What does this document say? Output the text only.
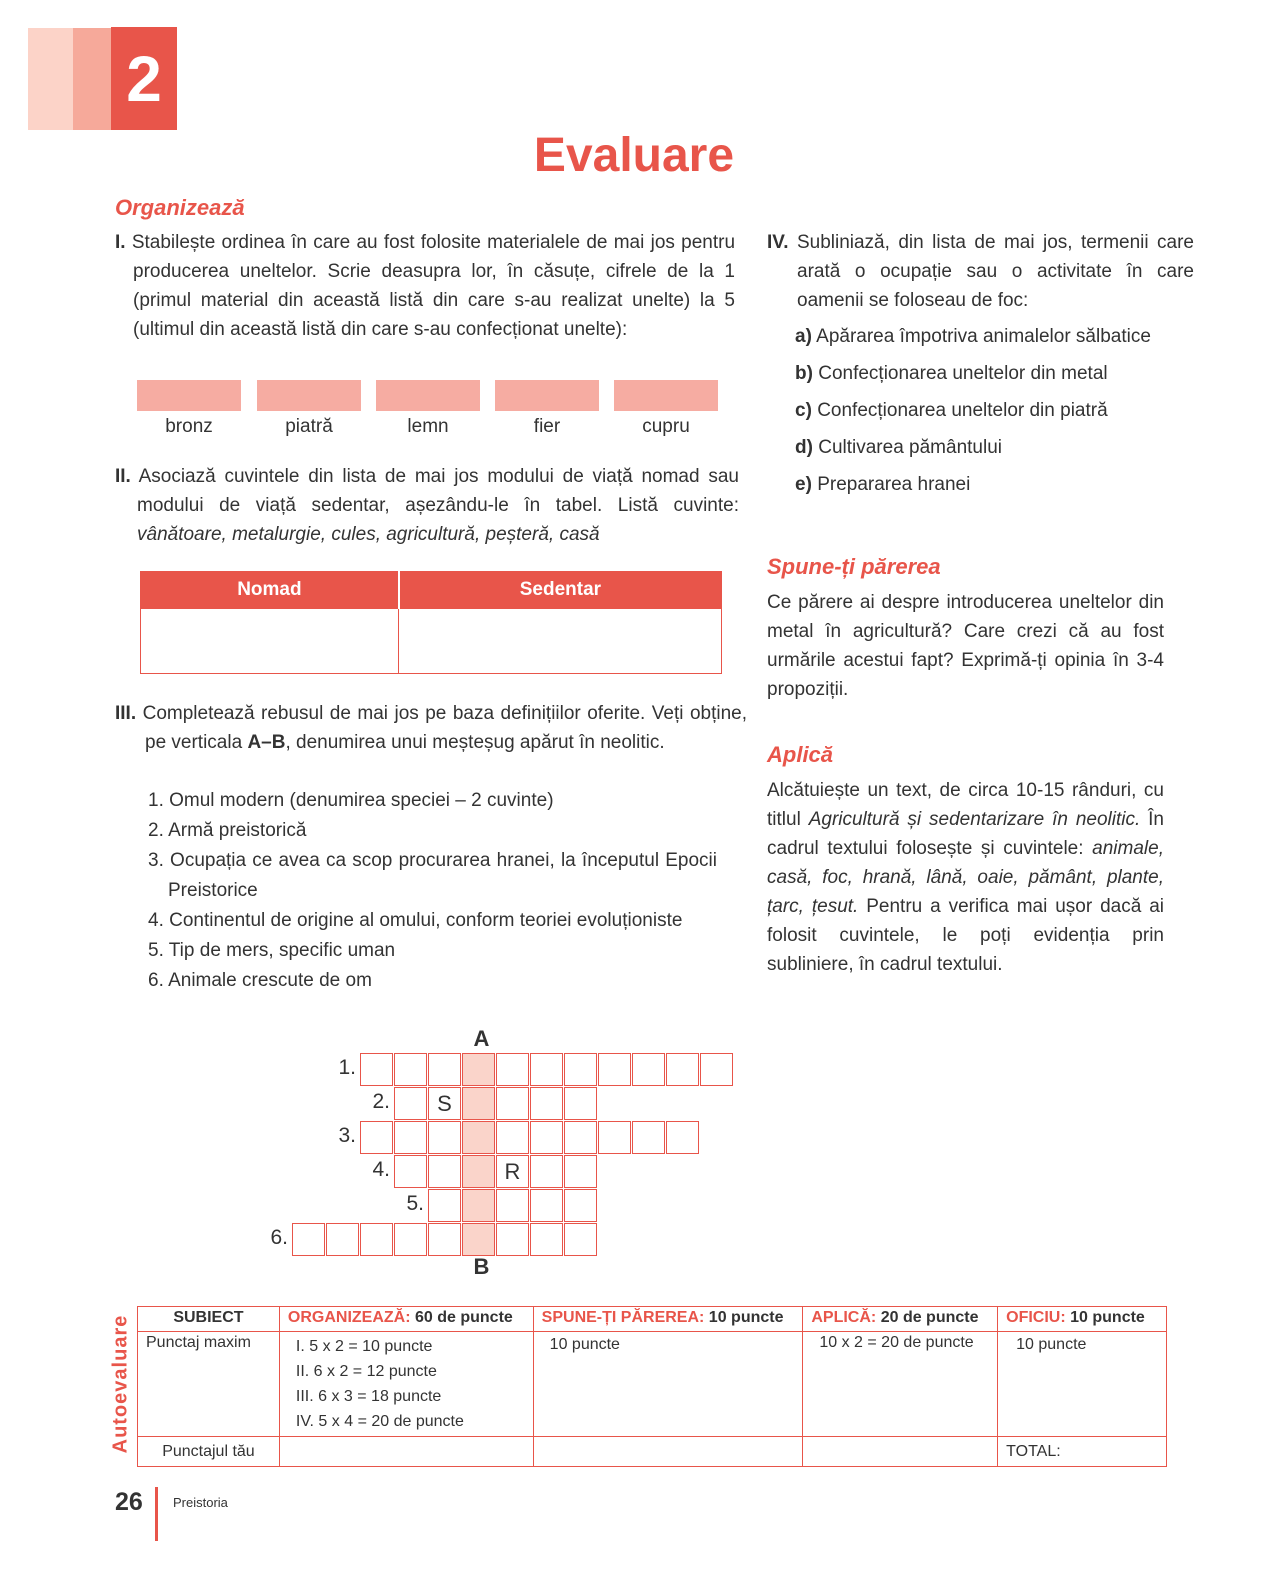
2
Evaluare
Organizează
I. Stabilește ordinea în care au fost folosite materialele de mai jos pentru producerea uneltelor. Scrie deasupra lor, în căsuțe, cifrele de la 1 (primul material din această listă din care s-au realizat unelte) la 5 (ultimul din această listă din care s-au confecționat unelte):
bronz	piatră	lemn	fier	cupru
II. Asociază cuvintele din lista de mai jos modului de viață nomad sau modului de viață sedentar, așezându-le în tabel. Listă cuvinte: vânătoare, metalurgie, cules, agricultură, peșteră, casă
Nomad	Sedentar

III. Completează rebusul de mai jos pe baza definițiilor oferite. Veți obține, pe verticala A–B, denumirea unui meșteșug apărut în neolitic.
1. Omul modern (denumirea speciei – 2 cuvinte)
2. Armă preistorică
3. Ocupația ce avea ca scop procurarea hranei, la începutul Epocii Preistorice
4. Continentul de origine al omului, conform teoriei evoluționiste
5. Tip de mers, specific uman
6. Animale crescute de om
1.
2.	S
3.
4.	R
5.
6.
A
B
IV. Subliniază, din lista de mai jos, termenii care arată o ocupație sau o activitate în care oamenii se foloseau de foc:
a) Apărarea împotriva animalelor sălbatice
b) Confecționarea uneltelor din metal
c) Confecționarea uneltelor din piatră
d) Cultivarea pământului
e) Prepararea hranei
Spune-ți părerea
Ce părere ai despre introducerea uneltelor din metal în agricultură? Care crezi că au fost urmările acestui fapt? Exprimă-ți opinia în 3-4 propoziții.
Aplică
Alcătuiește un text, de circa 10-15 rânduri, cu titlul Agricultură și sedentarizare în neolitic. În cadrul textului folosește și cuvintele: animale, casă, foc, hrană, lână, oaie, pământ, plante, țarc, țesut. Pentru a verifica mai ușor dacă ai folosit cuvintele, le poți evidenția prin subliniere, în cadrul textului.
Autoevaluare	SUBIECT	ORGANIZEAZĂ: 60 de puncte	SPUNE-ȚI PĂREREA: 10 puncte	APLICĂ: 20 de puncte	OFICIU: 10 puncte
Punctaj maxim	I. 5 x 2 = 10 puncte
II. 6 x 2 = 12 puncte
III. 6 x 3 = 18 puncte
IV. 5 x 4 = 20 de puncte	10 puncte	10 x 2 = 20 de puncte	10 puncte
Punctajul tău				TOTAL:
26 Preistoria
